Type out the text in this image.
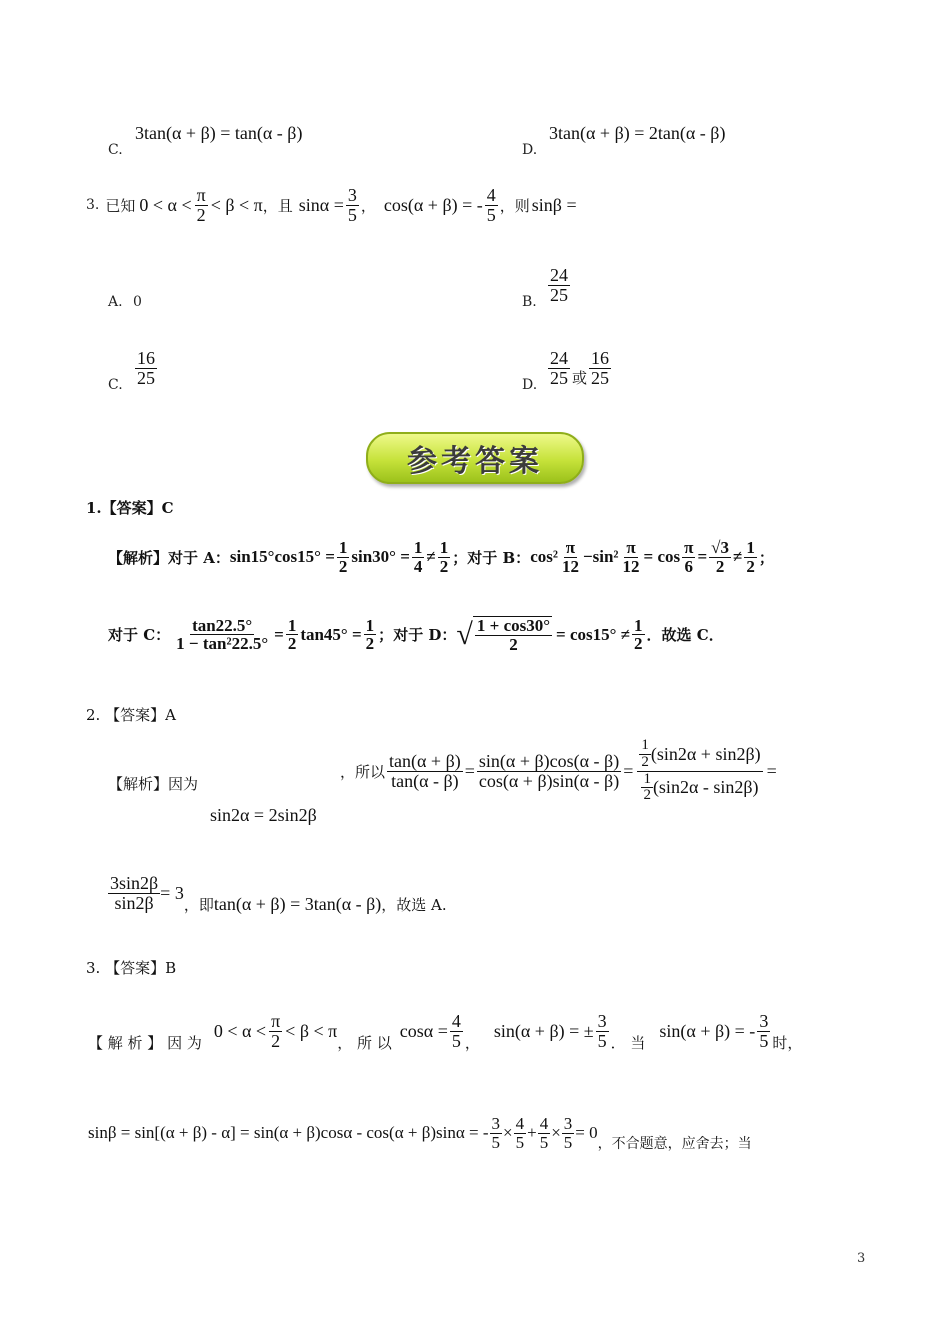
C.
3tan(α + β) = tan(α - β)
D.
3tan(α + β) = 2tan(α - β)
3. 已知 $0 < \alpha < \frac{\pi}{2} < \beta < \pi$ ，且 $\sin\alpha = \frac{3}{5}$ ， cos(α + β) = - $\frac{4}{5}$ ，则 sinβ =
A. 0	B. $\frac{24}{25}$
C. $\frac{16}{25}$	D. $\frac{24}{25}$ 或 $\frac{16}{25}$
参考答案
1.【答案】C
【解析】 对于 A： $\sin 15^\circ\cos 15^\circ = \frac{1}{2} \sin 30^\circ = \frac{1}{4} \ne \frac{1}{2}$ ； 对于 B： $\cos^2 \frac{\pi}{12} -\sin^2 \frac{\pi}{12} = \cos \frac{\pi}{6} = \frac{√3}{2} \ne \frac{1}{2}$ ；
对于 C： $\frac{\tan 22.5^\circ}{\text{1 − tan²22.5°}} = \frac{1}{2} \tan 45^\circ = \frac{1}{2}$ ； 对于 D： √ $\frac{1 + \cos 30^\circ}{2} = \cos 15^\circ \ne \frac{1}{2}$ ．故选 C．
2. 【答案】A
【解析】因为
sin2α = 2sin2β
，所以 $\frac{\tan(\alpha + \beta)}{\tan(\alpha - \beta)} = \frac{\sin(\alpha + \beta)\cos(\alpha - \beta)}{\cos(\alpha + \beta)\sin(\alpha - \beta)} = \frac{\frac{1}{2} (\sin 2\alpha + \sin 2\beta)}{\frac{1}{2} (\sin 2\alpha - \sin 2\beta)}$ =
$\frac{3\sin 2\beta}{\sin 2\beta} = 3$
，即 tan(α + β) = 3tan(α - β) ，故选 A.
3. 【答案】B
【 解 析 】 因 为
$0 < \alpha < \frac{\pi}{2} < \beta < \pi$
， 所 以
$\cos\alpha = \frac{4}{5}$ ，
sin(α + β) = ± $\frac{3}{5}$ ． 当
sin(α + β) = - $\frac{3}{5}$ 时，
sinβ = sin[(α + β) - α] = sin(α + β)cosα - cos(α + β)sinα = - $\frac{3}{5} \times \frac{4}{5} + \frac{4}{5} \times \frac{3}{5} = 0$
，不合题意，应舍去；当
3
